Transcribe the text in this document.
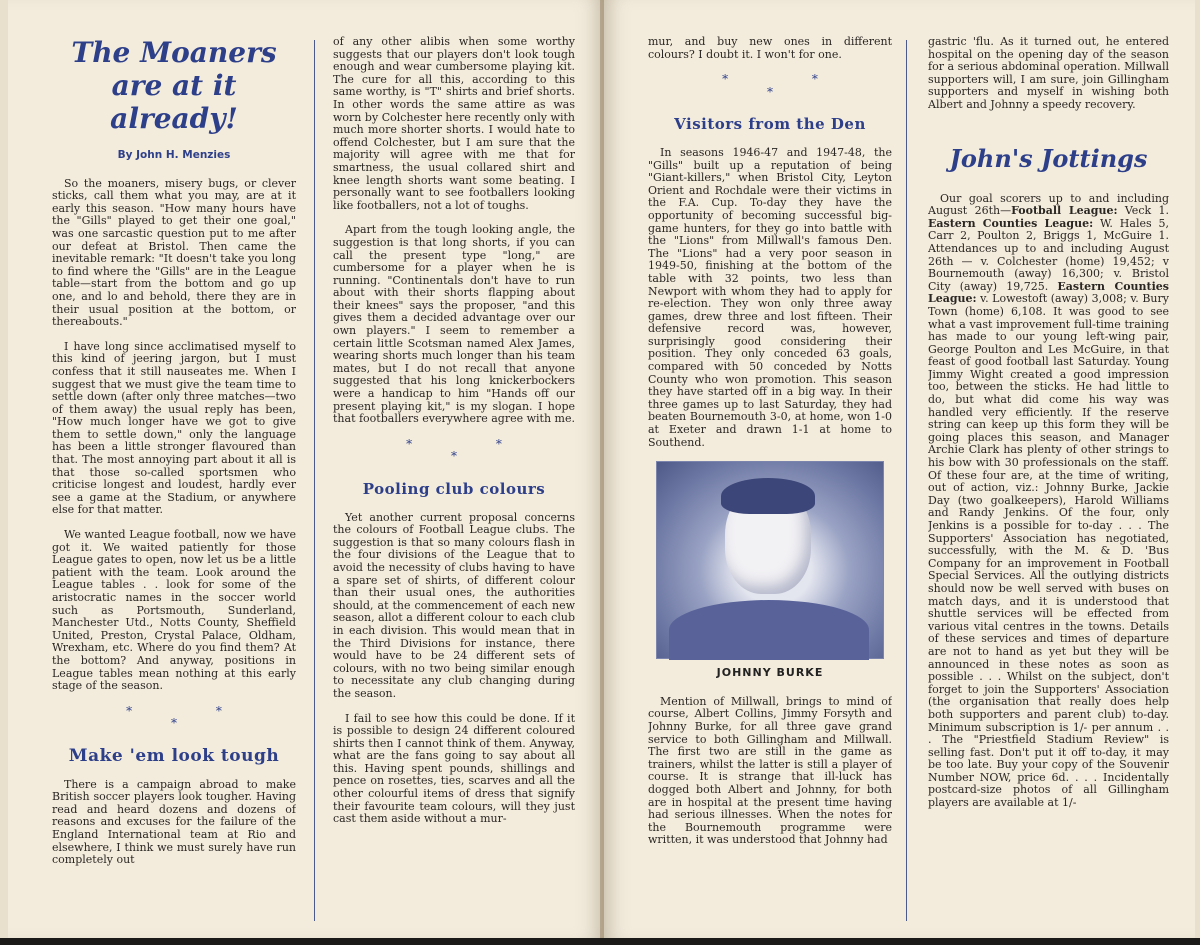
The Moaners are at it already!
By John H. Menzies

So the moaners, misery bugs, or clever sticks, call them what you may, are at it early this season. "How many hours have the "Gills" played to get their one goal," was one sarcastic question put to me after our defeat at Bristol. Then came the inevitable remark: "It doesn't take you long to find where the "Gills" are in the League table—start from the bottom and go up one, and lo and behold, there they are in their usual position at the bottom, or thereabouts."

I have long since acclimatised myself to this kind of jeering jargon, but I must confess that it still nauseates me. When I suggest that we must give the team time to settle down (after only three matches—two of them away) the usual reply has been, "How much longer have we got to give them to settle down," only the language has been a little stronger flavoured than that. The most annoying part about it all is that those so-called sportsmen who criticise longest and loudest, hardly ever see a game at the Stadium, or anywhere else for that matter.

We wanted League football, now we have got it. We waited patiently for those League gates to open, now let us be a little patient with the team. Look around the League tables . . look for some of the aristocratic names in the soccer world such as Portsmouth, Sunderland, Manchester Utd., Notts County, Sheffield United, Preston, Crystal Palace, Oldham, Wrexham, etc. Where do you find them? At the bottom? And anyway, positions in League tables mean nothing at this early stage of the season.

* * *
Make 'em look tough

There is a campaign abroad to make British soccer players look tougher. Having read and heard dozens and dozens of reasons and excuses for the failure of the England International team at Rio and elsewhere, I think we must surely have run completely out

of any other alibis when some worthy suggests that our players don't look tough enough and wear cumbersome playing kit. The cure for all this, according to this same worthy, is "T" shirts and brief shorts. In other words the same attire as was worn by Colchester here recently only with much more shorter shorts. I would hate to offend Colchester, but I am sure that the majority will agree with me that for smartness, the usual collared shirt and knee length shorts want some beating. I personally want to see footballers looking like footballers, not a lot of toughs.

Apart from the tough looking angle, the suggestion is that long shorts, if you can call the present type "long," are cumbersome for a player when he is running. "Continentals don't have to run about with their shorts flapping about their knees" says the proposer, "and this gives them a decided advantage over our own players." I seem to remember a certain little Scotsman named Alex James, wearing shorts much longer than his team mates, but I do not recall that anyone suggested that his long knickerbockers were a handicap to him "Hands off our present playing kit," is my slogan. I hope that footballers everywhere agree with me.

* * *
Pooling club colours

Yet another current proposal concerns the colours of Football League clubs. The suggestion is that so many colours flash in the four divisions of the League that to avoid the necessity of clubs having to have a spare set of shirts, of different colour than their usual ones, the authorities should, at the commencement of each new season, allot a different colour to each club in each division. This would mean that in the Third Divisions for instance, there would have to be 24 different sets of colours, with no two being similar enough to necessitate any club changing during the season.

I fail to see how this could be done. If it is possible to design 24 different coloured shirts then I cannot think of them. Anyway, what are the fans going to say about all this. Having spent pounds, shillings and pence on rosettes, ties, scarves and all the other colourful items of dress that signify their favourite team colours, will they just cast them aside without a mur-

mur, and buy new ones in different colours? I doubt it. I won't for one.

* * *
Visitors from the Den

In seasons 1946-47 and 1947-48, the "Gills" built up a reputation of being "Giant-killers," when Bristol City, Leyton Orient and Rochdale were their victims in the F.A. Cup. To-day they have the opportunity of becoming successful big-game hunters, for they go into battle with the "Lions" from Millwall's famous Den. The "Lions" had a very poor season in 1949-50, finishing at the bottom of the table with 32 points, two less than Newport with whom they had to apply for re-election. They won only three away games, drew three and lost fifteen. Their defensive record was, however, surprisingly good considering their position. They only conceded 63 goals, compared with 50 conceded by Notts County who won promotion. This season they have started off in a big way. In their three games up to last Saturday, they had beaten Bournemouth 3-0, at home, won 1-0 at Exeter and drawn 1-1 at home to Southend.

JOHNNY BURKE

Mention of Millwall, brings to mind of course, Albert Collins, Jimmy Forsyth and Johnny Burke, for all three gave grand service to both Gillingham and Millwall. The first two are still in the game as trainers, whilst the latter is still a player of course. It is strange that ill-luck has dogged both Albert and Johnny, for both are in hospital at the present time having had serious illnesses. When the notes for the Bournemouth programme were written, it was understood that Johnny had

gastric 'flu. As it turned out, he entered hospital on the opening day of the season for a serious abdominal operation. Millwall supporters will, I am sure, join Gillingham supporters and myself in wishing both Albert and Johnny a speedy recovery.

John's Jottings

Our goal scorers up to and including August 26th—Football League: Veck 1. Eastern Counties League: W. Hales 5, Carr 2, Poulton 2, Briggs 1, McGuire 1. Attendances up to and including August 26th — v. Colchester (home) 19,452; v Bournemouth (away) 16,300; v. Bristol City (away) 19,725. Eastern Counties League: v. Lowestoft (away) 3,008; v. Bury Town (home) 6,108. It was good to see what a vast improvement full-time training has made to our young left-wing pair, George Poulton and Les McGuire, in that feast of good football last Saturday. Young Jimmy Wight created a good impression too, between the sticks. He had little to do, but what did come his way was handled very efficiently. If the reserve string can keep up this form they will be going places this season, and Manager Archie Clark has plenty of other strings to his bow with 30 professionals on the staff. Of these four are, at the time of writing, out of action, viz.: Johnny Burke, Jackie Day (two goalkeepers), Harold Williams and Randy Jenkins. Of the four, only Jenkins is a possible for to-day . . . The Supporters' Association has negotiated, successfully, with the M. & D. 'Bus Company for an improvement in Football Special Services. All the outlying districts should now be well served with buses on match days, and it is understood that shuttle services will be effected from various vital centres in the towns. Details of these services and times of departure are not to hand as yet but they will be announced in these notes as soon as possible . . . Whilst on the subject, don't forget to join the Supporters' Association (the organisation that really does help both supporters and parent club) to-day. Minimum subscription is 1/- per annum . . . The "Priestfield Stadium Review" is selling fast. Don't put it off to-day, it may be too late. Buy your copy of the Souvenir Number NOW, price 6d. . . . Incidentally postcard-size photos of all Gillingham players are available at 1/-
